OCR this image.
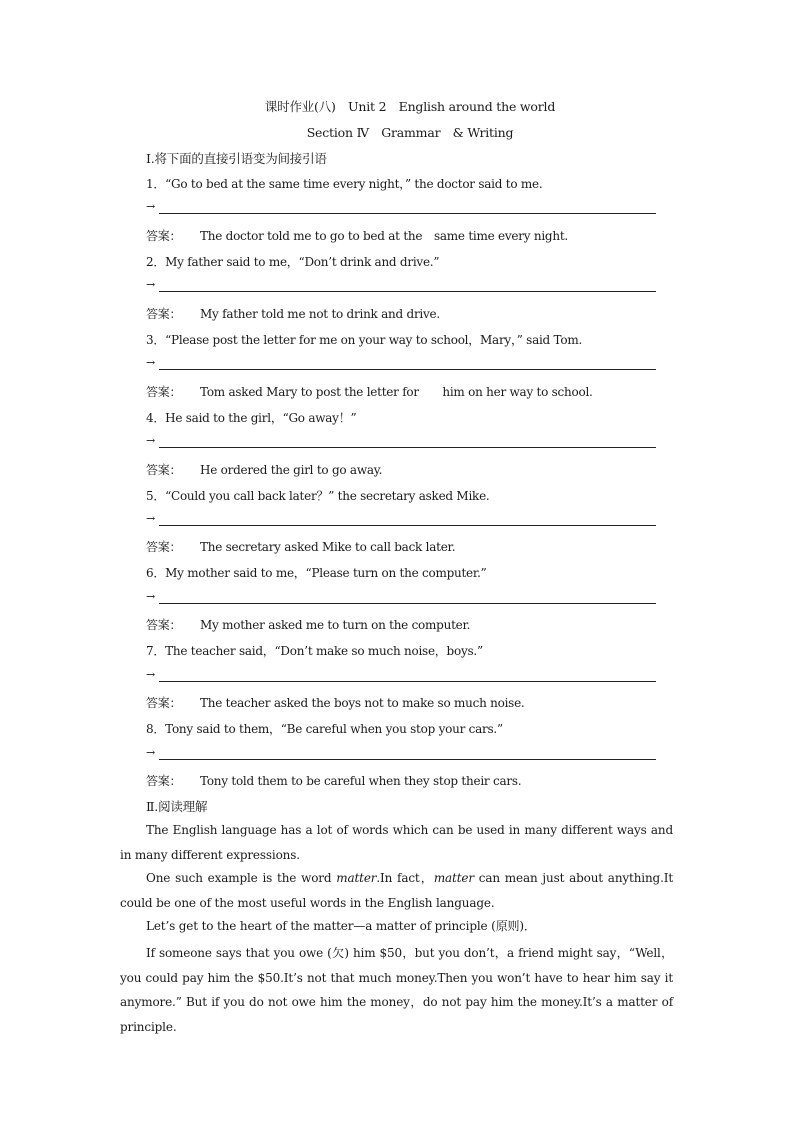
课时作业(八)　Unit 2　English around the world
Section Ⅳ　Grammar　& Writing
Ⅰ.将下面的直接引语变为间接引语
1．“Go to bed at the same time every night，” the doctor said to me.
→
答案： The doctor told me to go to bed at the　same time every night.
2．My father said to me，“Don’t drink and drive.”
→
答案： My father told me not to drink and drive.
3．“Please post the letter for me on your way to school，Mary，” said Tom.
→
答案： Tom asked Mary to post the letter for　　him on her way to school.
4．He said to the girl，“Go away！”
→
答案： He ordered the girl to go away.
5．“Could you call back later？” the secretary asked Mike.
→
答案： The secretary asked Mike to call back later.
6．My mother said to me，“Please turn on the computer.”
→
答案： My mother asked me to turn on the computer.
7．The teacher said，“Don’t make so much noise，boys.”
→
答案： The teacher asked the boys not to make so much noise.
8．Tony said to them，“Be careful when you stop your cars.”
→
答案： Tony told them to be careful when they stop their cars.
Ⅱ.阅读理解

The English language has a lot of words which can be used in many different ways and in many different expressions.

One such example is the word matter.In fact，matter can mean just about anything.It could be one of the most useful words in the English language.

Let’s get to the heart of the matter—a matter of principle (原则)．

If someone says that you owe (欠) him $50，but you don’t，a friend might say，“Well，you could pay him the $50.It’s not that much money.Then you won’t have to hear him say it anymore.” But if you do not owe him the money，do not pay him the money.It’s a matter of principle.
